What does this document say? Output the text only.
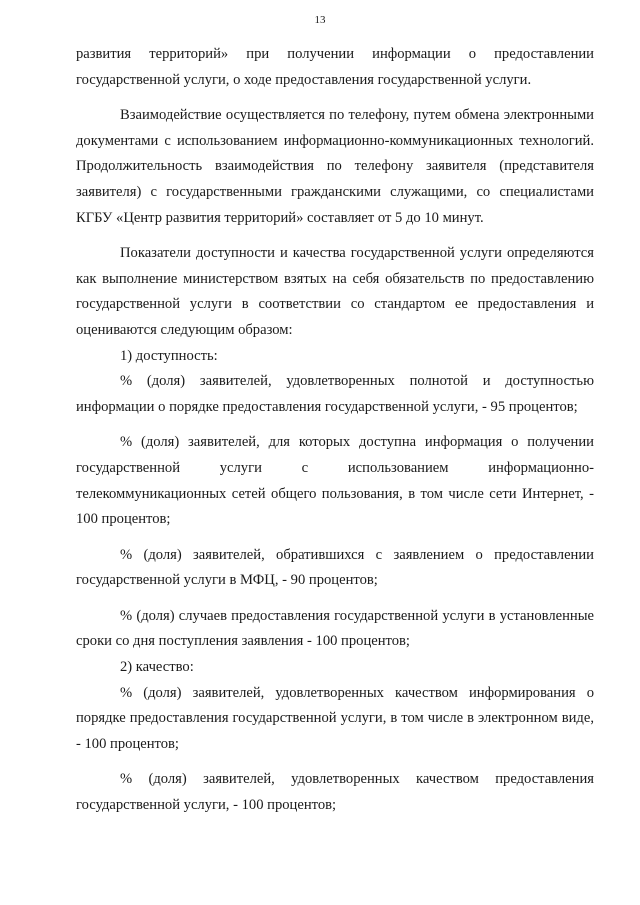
13

развития территорий» при получении информации о предоставлении государственной услуги, о ходе предоставления государственной услуги.

Взаимодействие осуществляется по телефону, путем обмена электронными документами с использованием информационно-коммуникационных технологий. Продолжительность взаимодействия по телефону заявителя (представителя заявителя) с государственными гражданскими служащими, со специалистами КГБУ «Центр развития территорий» составляет от 5 до 10 минут.

Показатели доступности и качества государственной услуги определяются как выполнение министерством взятых на себя обязательств по предоставлению государственной услуги в соответствии со стандартом ее предоставления и оцениваются следующим образом:

1) доступность:

% (доля) заявителей, удовлетворенных полнотой и доступностью информации о порядке предоставления государственной услуги, - 95 процентов;

% (доля) заявителей, для которых доступна информация о получении государственной услуги с использованием информационно-телекоммуникационных сетей общего пользования, в том числе сети Интернет, - 100 процентов;

% (доля) заявителей, обратившихся с заявлением о предоставлении государственной услуги в МФЦ, - 90 процентов;

% (доля) случаев предоставления государственной услуги в установленные сроки со дня поступления заявления - 100 процентов;

2) качество:

% (доля) заявителей, удовлетворенных качеством информирования о порядке предоставления государственной услуги, в том числе в электронном виде, - 100 процентов;

% (доля) заявителей, удовлетворенных качеством предоставления государственной услуги, - 100 процентов;
